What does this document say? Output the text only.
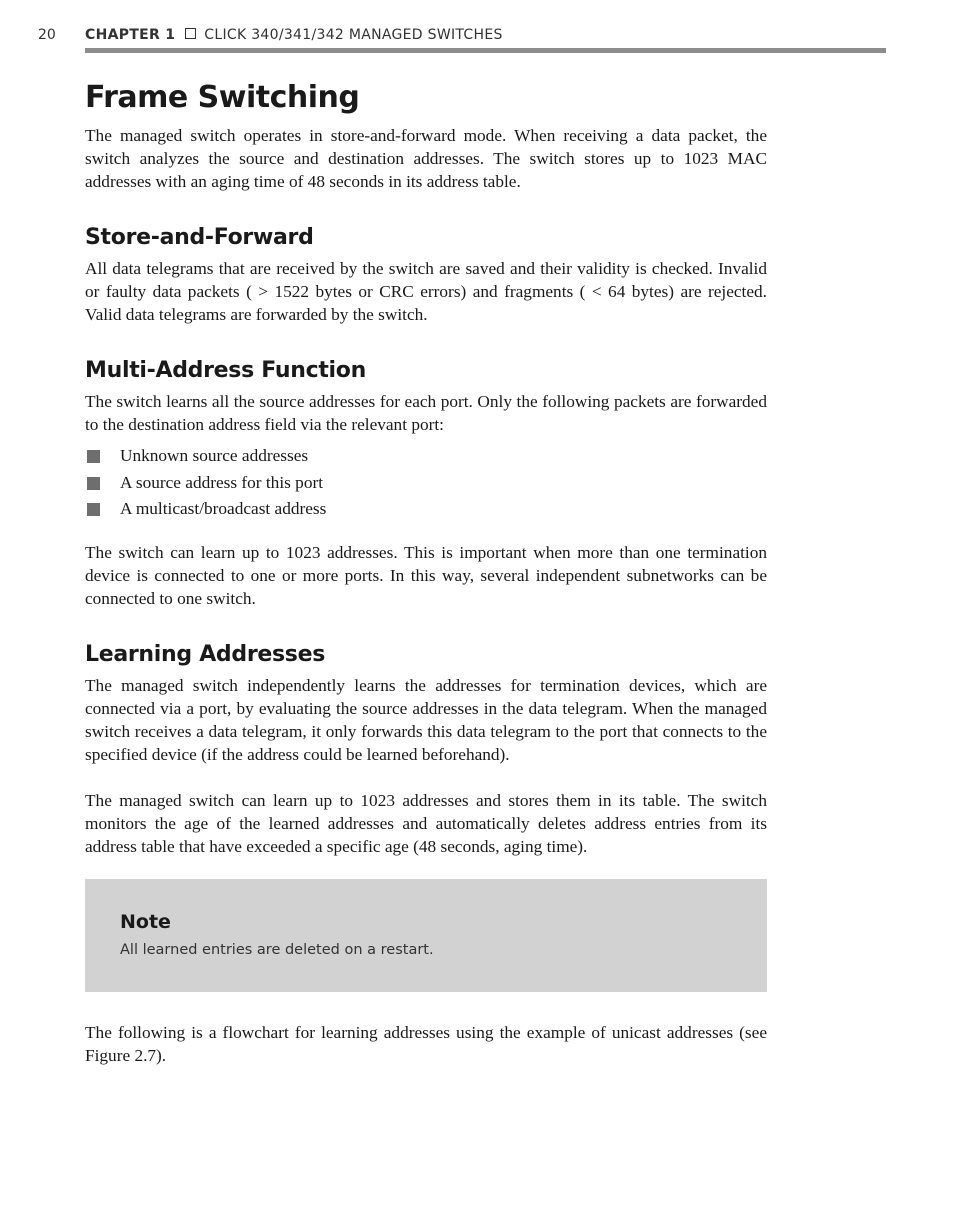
20 CHAPTER 1 CLICK 340/341/342 MANAGED SWITCHES
Frame Switching

The managed switch operates in store-and-forward mode. When receiving a data packet, the switch analyzes the source and destination addresses. The switch stores up to 1023 MAC addresses with an aging time of 48 seconds in its address table.

Store-and-Forward

All data telegrams that are received by the switch are saved and their validity is checked. Invalid or faulty data packets ( > 1522 bytes or CRC errors) and fragments ( < 64 bytes) are rejected. Valid data telegrams are forwarded by the switch.

Multi-Address Function

The switch learns all the source addresses for each port. Only the following packets are forwarded to the destination address field via the relevant port:

Unknown source addresses
A source address for this port
A multicast/broadcast address

The switch can learn up to 1023 addresses. This is important when more than one termination device is connected to one or more ports. In this way, several independent subnetworks can be connected to one switch.

Learning Addresses

The managed switch independently learns the addresses for termination devices, which are connected via a port, by evaluating the source addresses in the data telegram. When the managed switch receives a data telegram, it only forwards this data telegram to the port that connects to the specified device (if the address could be learned beforehand).

The managed switch can learn up to 1023 addresses and stores them in its table. The switch monitors the age of the learned addresses and automatically deletes address entries from its address table that have exceeded a specific age (48 seconds, aging time).

Note
All learned entries are deleted on a restart.

The following is a flowchart for learning addresses using the example of unicast addresses (see Figure 2.7).
